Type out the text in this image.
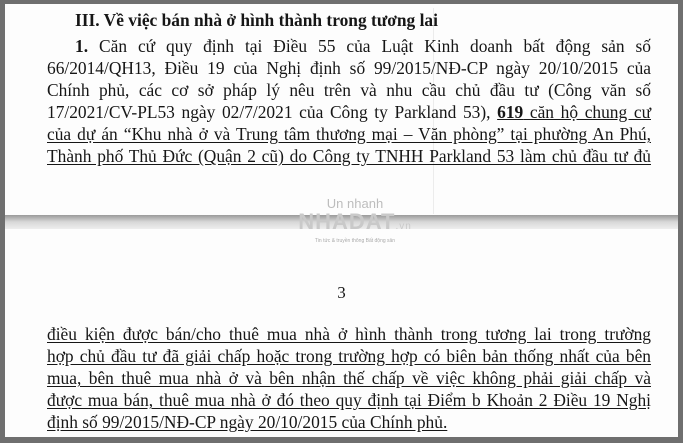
III. Về việc bán nhà ở hình thành trong tương lai
1. Căn cứ quy định tại Điều 55 của Luật Kinh doanh bất động sản số
66/2014/QH13, Điều 19 của Nghị định số 99/2015/NĐ-CP ngày 20/10/2015 của
Chính phủ, các cơ sở pháp lý nêu trên và nhu cầu chủ đầu tư (Công văn số
17/2021/CV-PL53 ngày 02/7/2021 của Công ty Parkland 53), 619 căn hộ chung cư
của dự án “Khu nhà ở và Trung tâm thương mại – Văn phòng” tại phường An Phú,
Thành phố Thủ Đức (Quận 2 cũ) do Công ty TNHH Parkland 53 làm chủ đầu tư đủ
Un nhanh
NHADAT.vn
Tin tức & truyền thông Bất động sản
3
điều kiện được bán/cho thuê mua nhà ở hình thành trong tương lai trong trường
hợp chủ đầu tư đã giải chấp hoặc trong trường hợp có biên bản thống nhất của bên
mua, bên thuê mua nhà ở và bên nhận thế chấp về việc không phải giải chấp và
được mua bán, thuê mua nhà ở đó theo quy định tại Điểm b Khoản 2 Điều 19 Nghị
định số 99/2015/NĐ-CP ngày 20/10/2015 của Chính phủ.
